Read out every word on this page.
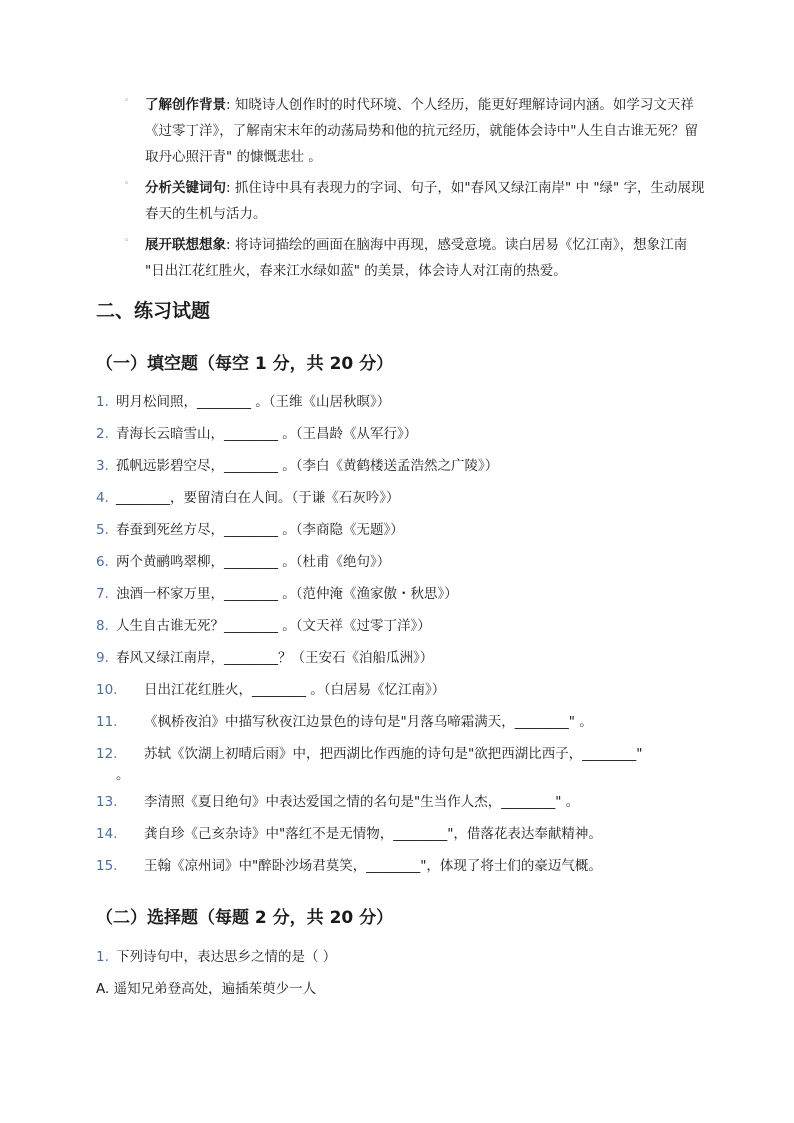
◦ 了解创作背景: 知晓诗人创作时的时代环境、个人经历，能更好理解诗词内涵。如学习文天祥《过零丁洋》，了解南宋末年的动荡局势和他的抗元经历，就能体会诗中"人生自古谁无死？留取丹心照汗青" 的慷慨悲壮 。
◦ 分析关键词句: 抓住诗中具有表现力的字词、句子，如"春风又绿江南岸" 中 "绿" 字，生动展现春天的生机与活力。
◦ 展开联想想象: 将诗词描绘的画面在脑海中再现，感受意境。读白居易《忆江南》，想象江南 "日出江花红胜火，春来江水绿如蓝" 的美景，体会诗人对江南的热爱。
二、练习试题
（一）填空题（每空 1 分，共 20 分）
1. 明月松间照，________ 。（王维《山居秋暝》）
2. 青海长云暗雪山，________ 。（王昌龄《从军行》）
3. 孤帆远影碧空尽，________ 。（李白《黄鹤楼送孟浩然之广陵》）
4. ________，要留清白在人间。（于谦《石灰吟》）
5. 春蚕到死丝方尽，________ 。（李商隐《无题》）
6. 两个黄鹂鸣翠柳，________ 。（杜甫《绝句》）
7. 浊酒一杯家万里，________ 。（范仲淹《渔家傲・秋思》）
8. 人生自古谁无死？________ 。（文天祥《过零丁洋》）
9. 春风又绿江南岸，________？（王安石《泊船瓜洲》）
10. 日出江花红胜火，________ 。（白居易《忆江南》）
11. 《枫桥夜泊》中描写秋夜江边景色的诗句是"月落乌啼霜满天，________" 。
12. 苏轼《饮湖上初晴后雨》中，把西湖比作西施的诗句是"欲把西湖比西子，________"
。
13. 李清照《夏日绝句》中表达爱国之情的名句是"生当作人杰，________" 。
14. 龚自珍《己亥杂诗》中"落红不是无情物，________"，借落花表达奉献精神。
15. 王翰《凉州词》中"醉卧沙场君莫笑，________"，体现了将士们的豪迈气概。
（二）选择题（每题 2 分，共 20 分）
1. 下列诗句中，表达思乡之情的是（ ）
A. 遥知兄弟登高处，遍插茱萸少一人
